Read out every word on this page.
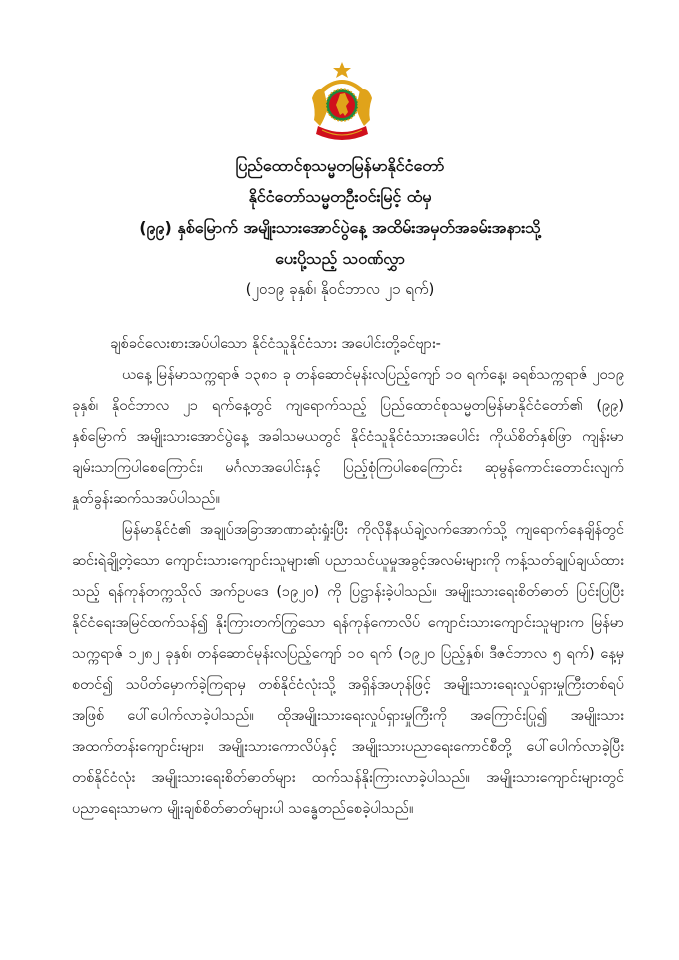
ပြည်ထောင်စုသမ္မတမြန်မာနိုင်ငံတော်

နိုင်ငံတော်သမ္မတဦးဝင်းမြင့် ထံမှ

(၉၉) နှစ်မြောက် အမျိုးသားအောင်ပွဲနေ့ အထိမ်းအမှတ်အခမ်းအနားသို့

ပေးပို့သည့် သဝဏ်လွှာ

(၂၀၁၉ ခုနှစ်၊ နိုဝင်ဘာလ ၂၁ ရက်)

ချစ်ခင်လေးစားအပ်ပါသော နိုင်ငံသူနိုင်ငံသား အပေါင်းတို့ခင်ဗျား-

ယနေ့ မြန်မာသက္ကရာဇ် ၁၃၈၁ ခု တန်ဆောင်မုန်းလပြည့်ကျော် ၁၀ ရက်နေ့၊ ခရစ်သက္ကရာဇ် ၂၀၁၉ ခုနှစ်၊ နိုဝင်ဘာလ ၂၁ ရက်နေ့တွင် ကျရောက်သည့် ပြည်ထောင်စုသမ္မတမြန်မာနိုင်ငံတော်၏ (၉၉) နှစ်မြောက် အမျိုးသားအောင်ပွဲနေ့ အခါသမယတွင် နိုင်ငံသူနိုင်ငံသားအပေါင်း ကိုယ်စိတ်နှစ်ဖြာ ကျန်းမာချမ်းသာကြပါစေကြောင်း၊ မင်္ဂလာအပေါင်းနှင့် ပြည့်စုံကြပါစေကြောင်း ဆုမွန်ကောင်းတောင်းလျက် နှုတ်ခွန်းဆက်သအပ်ပါသည်။

မြန်မာနိုင်ငံ၏ အချုပ်အခြာအာဏာဆုံးရှုံးပြီး ကိုလိုနီနယ်ချဲ့လက်အောက်သို့ ကျရောက်နေချိန်တွင် ဆင်းရဲချို့တဲ့သော ကျောင်းသားကျောင်းသူများ၏ ပညာသင်ယူမှုအခွင့်အလမ်းများကို ကန့်သတ်ချုပ်ချယ်ထားသည့် ရန်ကုန်တက္ကသိုလ် အက်ဥပဒေ (၁၉၂၀) ကို ပြဋ္ဌာန်းခဲ့ပါသည်။ အမျိုးသားရေးစိတ်ဓာတ် ပြင်းပြပြီး နိုင်ငံရေးအမြင်ထက်သန်၍ နိုးကြားတက်ကြွသော ရန်ကုန်ကောလိပ် ကျောင်းသားကျောင်းသူများက မြန်မာသက္ကရာဇ် ၁၂၈၂ ခုနှစ်၊ တန်ဆောင်မုန်းလပြည့်ကျော် ၁၀ ရက် (၁၉၂၀ ပြည့်နှစ်၊ ဒီဇင်ဘာလ ၅ ရက်) နေ့မှစတင်၍ သပိတ်မှောက်ခဲ့ကြရာမှ တစ်နိုင်ငံလုံးသို့ အရှိန်အဟုန်ဖြင့် အမျိုးသားရေးလှုပ်ရှားမှုကြီးတစ်ရပ်အဖြစ် ပေါ်ပေါက်လာခဲ့ပါသည်။ ထိုအမျိုးသားရေးလှုပ်ရှားမှုကြီးကို အကြောင်းပြု၍ အမျိုးသားအထက်တန်းကျောင်းများ၊ အမျိုးသားကောလိပ်နှင့် အမျိုးသားပညာရေးကောင်စီတို့ ပေါ်ပေါက်လာခဲ့ပြီး တစ်နိုင်ငံလုံး အမျိုးသားရေးစိတ်ဓာတ်များ ထက်သန်နိုးကြားလာခဲ့ပါသည်။ အမျိုးသားကျောင်းများတွင် ပညာရေးသာမက မျိုးချစ်စိတ်ဓာတ်များပါ သန္ဓေတည်စေခဲ့ပါသည်။
